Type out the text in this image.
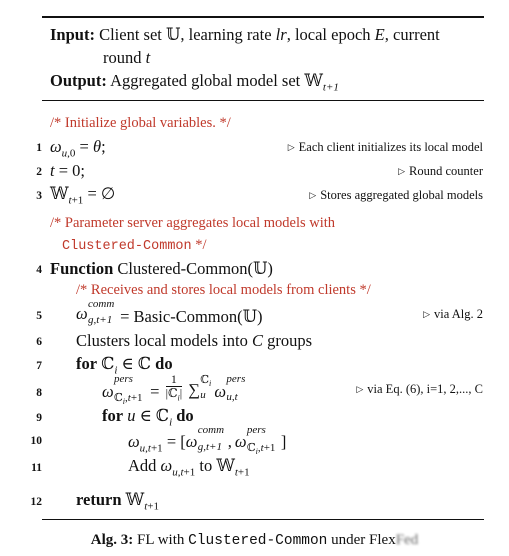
Input: Client set 𝕌, learning rate lr, local epoch E, current
round t
Output: Aggregated global model set 𝕎$_{t+1}$
/* Initialize global variables. */
1 $\omega_{u,0} = \theta$;	▷ Each client initializes its local model
2 t = 0;	▷ Round counter
3 𝕎$_{t+1}$ = ∅	▷ Stores aggregated global models
/* Parameter server aggregates local models with
Clustered-Common */
4 Function Clustered-Common(𝕌)
/* Receives and stores local models from clients */
5 ω comm
g,t+1 = Basic-Common(𝕌)	▷ via Alg. 2
6 Clusters local models into C groups
7 for ℂ$_i$ ∈ ℂ do
8	ω
pers
ℂ$_i$,t+1 =
1
|ℂ$_i$|
∑ ℂ$_i$
u
ω
pers
u,t
▷ via Eq. (6), i=1, 2,..., C
9	for u ∈ ℂ$_i$ do
10	$\omega_{u,t+1}$ = [ ω
comm
g,t+1 , ω
pers
ℂ$_i$,t+1 ]
11	Add $\omega_{u,t+1}$ to 𝕎$_{t+1}$
12 return 𝕎$_{t+1}$
Alg. 3: FL with Clustered-Common under FlexFed
